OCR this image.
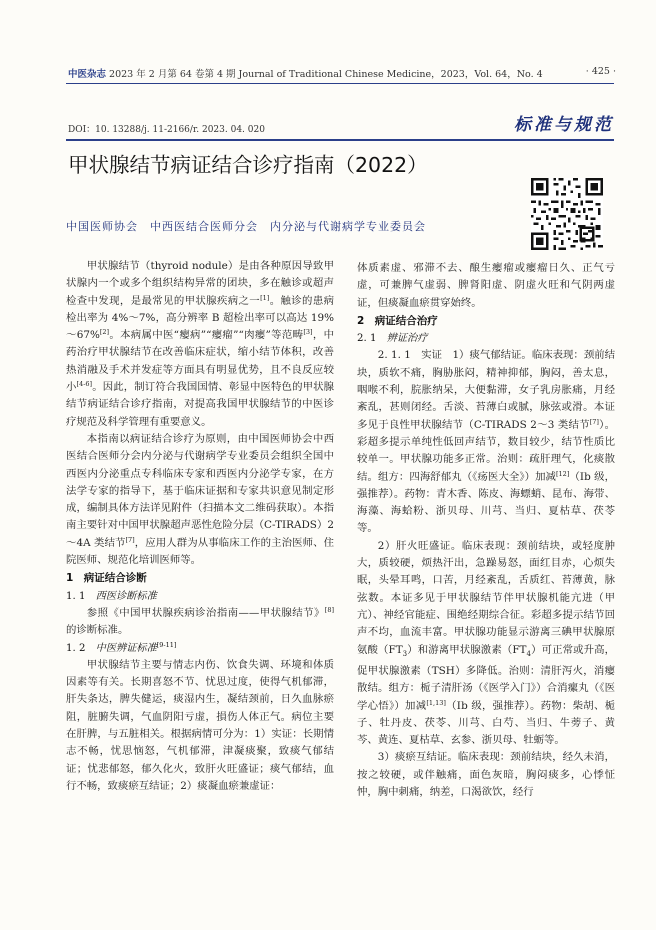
中医杂志 2023 年 2 月第 64 卷第 4 期 Journal of Traditional Chinese Medicine，2023，Vol. 64，No. 4	· 425 ·
DOI：10. 13288/j. 11-2166/r. 2023. 04. 020	标准与规范
甲状腺结节病证结合诊疗指南（2022）
中国医师协会　中西医结合医师分会　内分泌与代谢病学专业委员会

甲状腺结节（thyroid nodule）是由各种原因导致甲状腺内一个或多个组织结构异常的团块，多在触诊或超声检查中发现，是最常见的甲状腺疾病之一[1]。触诊的患病检出率为 4%～7%，高分辨率 B 超检出率可以高达 19%～67%[2]。本病属中医“瘿病”“瘿瘤”“肉瘿”等范畴[3]，中药治疗甲状腺结节在改善临床症状，缩小结节体积，改善热消融及手术并发症等方面具有明显优势，且不良反应较小[4-6]。因此，制订符合我国国情、彰显中医特色的甲状腺结节病证结合诊疗指南，对提高我国甲状腺结节的中医诊疗规范及科学管理有重要意义。

本指南以病证结合诊疗为原则，由中国医师协会中西医结合医师分会内分泌与代谢病学专业委员会组织全国中西医内分泌重点专科临床专家和西医内分泌学专家，在方法学专家的指导下，基于临床证据和专家共识意见制定形成，编制具体方法详见附件（扫描本文二维码获取）。本指南主要针对中国甲状腺超声恶性危险分层（C-TIRADS）2～4A 类结节[7]，应用人群为从事临床工作的主治医师、住院医师、规范化培训医师等。

1　病证结合诊断
1. 1　 西医诊断标准

参照《中国甲状腺疾病诊治指南——甲状腺结节》[8]的诊断标准。

1. 2　 中医辨证标准[9-11]

甲状腺结节主要与情志内伤、饮食失调、环境和体质因素等有关。长期喜怒不节、忧思过度，使得气机郁滞，肝失条达，脾失健运，痰湿内生，凝结颈前，日久血脉瘀阻，脏腑失调，气血阴阳亏虚，損伤人体正气。病位主要在肝脾，与五脏相关。根据病情可分为：1）实证：长期情志不畅，忧思恼怒，气机郁滞，津凝痰聚，致痰气郁结证；忧悲郁怒，郁久化火，致肝火旺盛证；痰气郁结，血行不畅，致痰瘀互结证；2）痰凝血瘀兼虚证：

体质素虚、邪滞不去、酿生瘿瘤或瘿瘤日久、正气亏虚，可兼脾气虚弱、脾肾阳虚、阴虚火旺和气阴两虚证，但痰凝血瘀贯穿始终。

2　病证结合治疗
2. 1　 辨证治疗

2. 1. 1　实证　1）痰气郁结证。临床表现：颈前结块，质软不痛，胸胁胀闷，精神抑郁，胸闷，善太息，咽喉不利，脘胀纳呆，大便黏滞，女子乳房胀痛，月经紊乱，甚则闭经。舌淡、苔薄白或腻，脉弦或滑。本证多见于良性甲状腺结节（C-TIRADS 2～3 类结节[7]）。彩超多提示单纯性低回声结节，数目较少，结节性质比较单一。甲状腺功能多正常。治则：疏肝理气，化痰散结。组方：四海舒郁丸（《疡医大全》）加减[12]（Ⅰb 级，强推荐）。药物：青木香、陈皮、海螵蛸、昆布、海带、海藻、海蛤粉、浙贝母、川芎、当归、夏枯草、茯苓等。

2）肝火旺盛证。临床表现：颈前结块，或轻度肿大，质较硬，烦热汗出，急躁易怒，面红目赤，心烦失眠，头晕耳鸣，口苦，月经紊乱，舌质红、苔薄黄，脉弦数。本证多见于甲状腺结节伴甲状腺机能亢进（甲亢）、神经官能症、围绝经期综合征。彩超多提示结节回声不均，血流丰富。甲状腺功能显示游离三碘甲状腺原氨酸$(FT_3)$和游离甲状腺激素$(FT_4)$可正常或升高，促甲状腺激素（TSH）多降低。治则：清肝泻火，消瘿散结。组方：栀子清肝汤（《医学入门》）合消瘰丸（《医学心悟》）加减[1,13]（Ⅰb 级，强推荐）。药物：柴胡、栀子、牡丹皮、茯苓、川芎、白芍、当归、牛蒡子、黄芩、黄连、夏枯草、玄参、浙贝母、牡蛎等。

3）痰瘀互结证。临床表现：颈前结块，经久未消，按之较硬，或伴触痛，面色灰暗，胸闷痰多，心悸怔忡，胸中刺痛，纳差，口渴欲饮，经行
